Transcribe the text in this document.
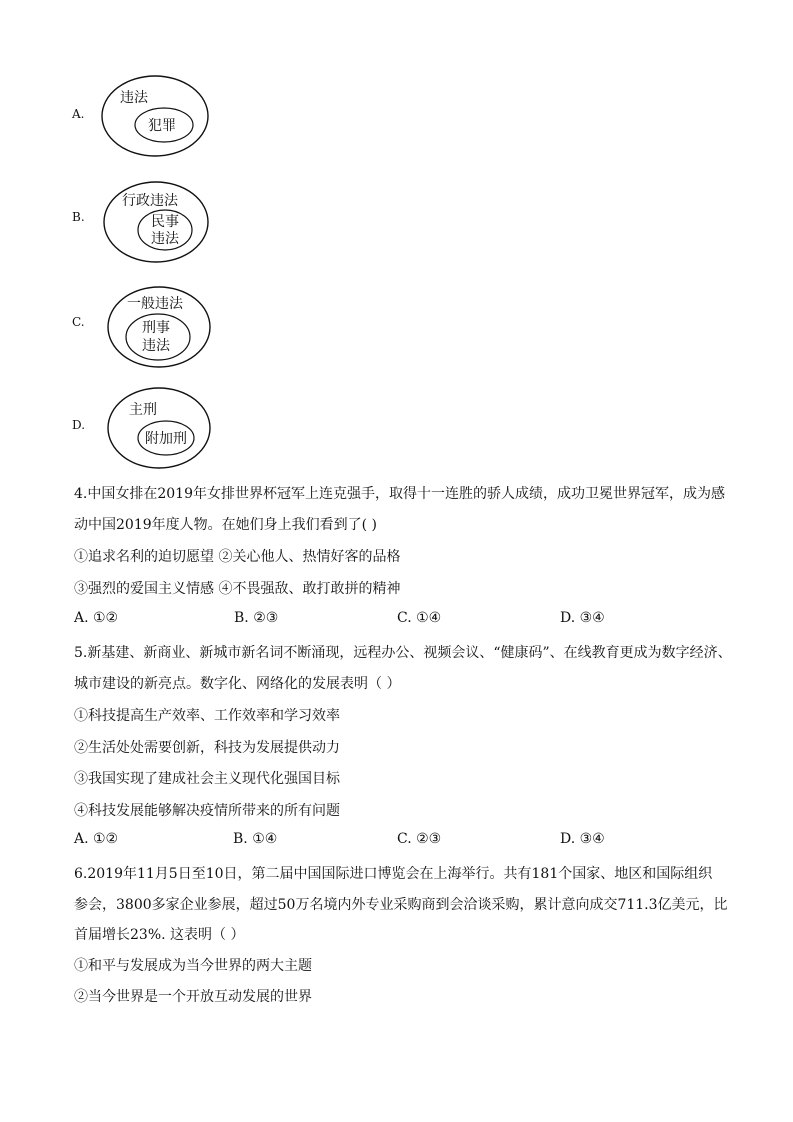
A.
违法
犯罪
B.
行政违法
民事
违法
C.
一般违法
刑事
违法
D.
主刑
附加刑
4.中国女排在2019年女排世界杯冠军上连克强手，取得十一连胜的骄人成绩，成功卫冕世界冠军，成为感
动中国2019年度人物。在她们身上我们看到了( )
①追求名利的迫切愿望 ②关心他人、热情好客的品格
③强烈的爱国主义情感 ④不畏强敌、敢打敢拼的精神
A. ①②	B. ②③	C. ①④	D. ③④
5.新基建、新商业、新城市新名词不断涌现，远程办公、视频会议、“健康码”、在线教育更成为数字经济、
城市建设的新亮点。数字化、网络化的发展表明（ ）
①科技提高生产效率、工作效率和学习效率
②生活处处需要创新，科技为发展提供动力
③我国实现了建成社会主义现代化强国目标
④科技发展能够解决疫情所带来的所有问题
A. ①②	B. ①④	C. ②③	D. ③④
6.2019年11月5日至10日，第二届中国国际进口博览会在上海举行。共有181个国家、地区和国际组织
参会，3800多家企业参展，超过50万名境内外专业采购商到会洽谈采购，累计意向成交711.3亿美元，比
首届增长23%. 这表明（ ）
①和平与发展成为当今世界的两大主题
②当今世界是一个开放互动发展的世界
